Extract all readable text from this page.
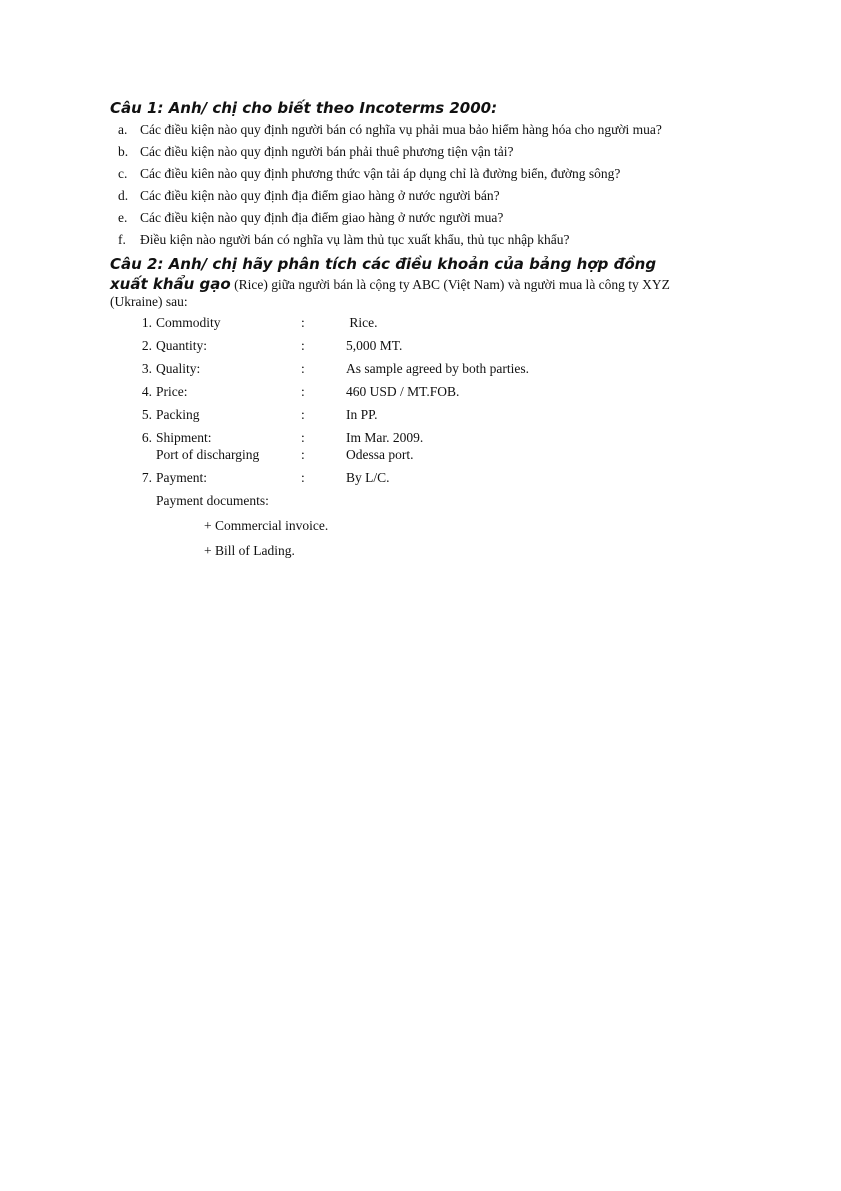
Câu 1: Anh/ chị cho biết theo Incoterms 2000:

a. Các điều kiện nào quy định người bán có nghĩa vụ phải mua bảo hiểm hàng hóa cho người mua?
b. Các điều kiện nào quy định người bán phải thuê phương tiện vận tải?
c. Các điều kiên nào quy định phương thức vận tải áp dụng chỉ là đường biển, đường sông?
d. Các điều kiện nào quy định địa điểm giao hàng ở nước người bán?
e. Các điều kiện nào quy định địa điểm giao hàng ở nước người mua?
f.	Điều kiện nào người bán có nghĩa vụ làm thủ tục xuất khẩu, thủ tục nhập khẩu?

Câu 2: Anh/ chị hãy phân tích các điều khoản của bảng hợp đồng xuất khẩu gạo (Rice) giữa người bán là cộng ty ABC (Việt Nam) và người mua là công ty XYZ (Ukraine) sau:

1. Commodity	:	Rice.
2. Quantity:	:	5,000 MT.
3. Quality:	:	As sample agreed by both parties.
4. Price:	:	460 USD / MT.FOB.
5. Packing	:	In PP.
6. Shipment:	:	Im Mar. 2009.
Port of discharging	:	Odessa port.
7. Payment:	:	By L/C.

Payment documents:

+ Commercial invoice.

+ Bill of Lading.
